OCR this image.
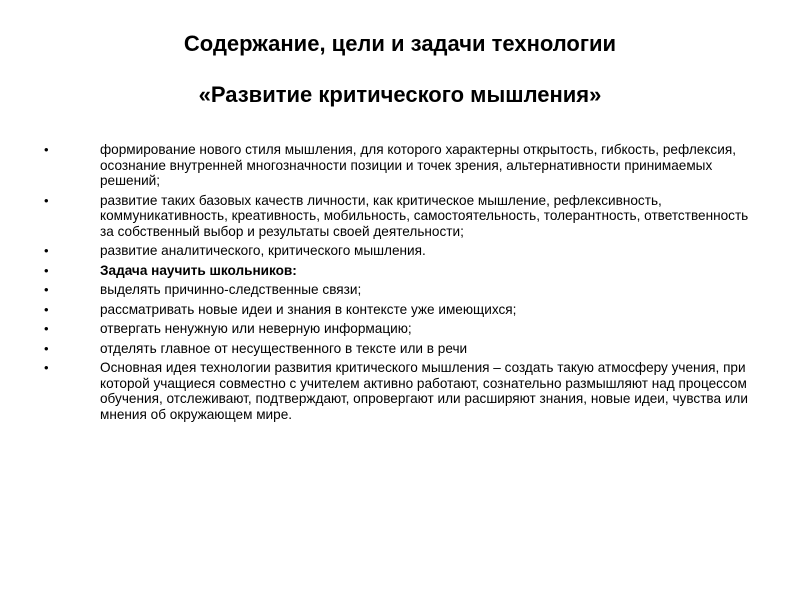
Содержание, цели и задачи технологии

«Развитие критического мышления»

•	формирование нового стиля мышления, для которого характерны открытость, гибкость, рефлексия, осознание внутренней многозначности позиции и точек зрения, альтернативности принимаемых решений;
•	развитие таких базовых качеств личности, как критическое мышление, рефлексивность, коммуникативность, креативность, мобильность, самостоятельность, толерантность, ответственность за собственный выбор и результаты своей деятельности;
•	развитие аналитического, критического мышления.
•	Задача научить школьников:
•	выделять причинно-следственные связи;
•	рассматривать новые идеи и знания в контексте уже имеющихся;
•	отвергать ненужную или неверную информацию;
•	отделять главное от несущественного в тексте или в речи
•	Основная идея технологии развития критического мышления – создать такую атмосферу учения, при которой учащиеся совместно с учителем активно работают, сознательно размышляют над процессом обучения, отслеживают, подтверждают, опровергают или расширяют знания, новые идеи, чувства или мнения об окружающем мире.
